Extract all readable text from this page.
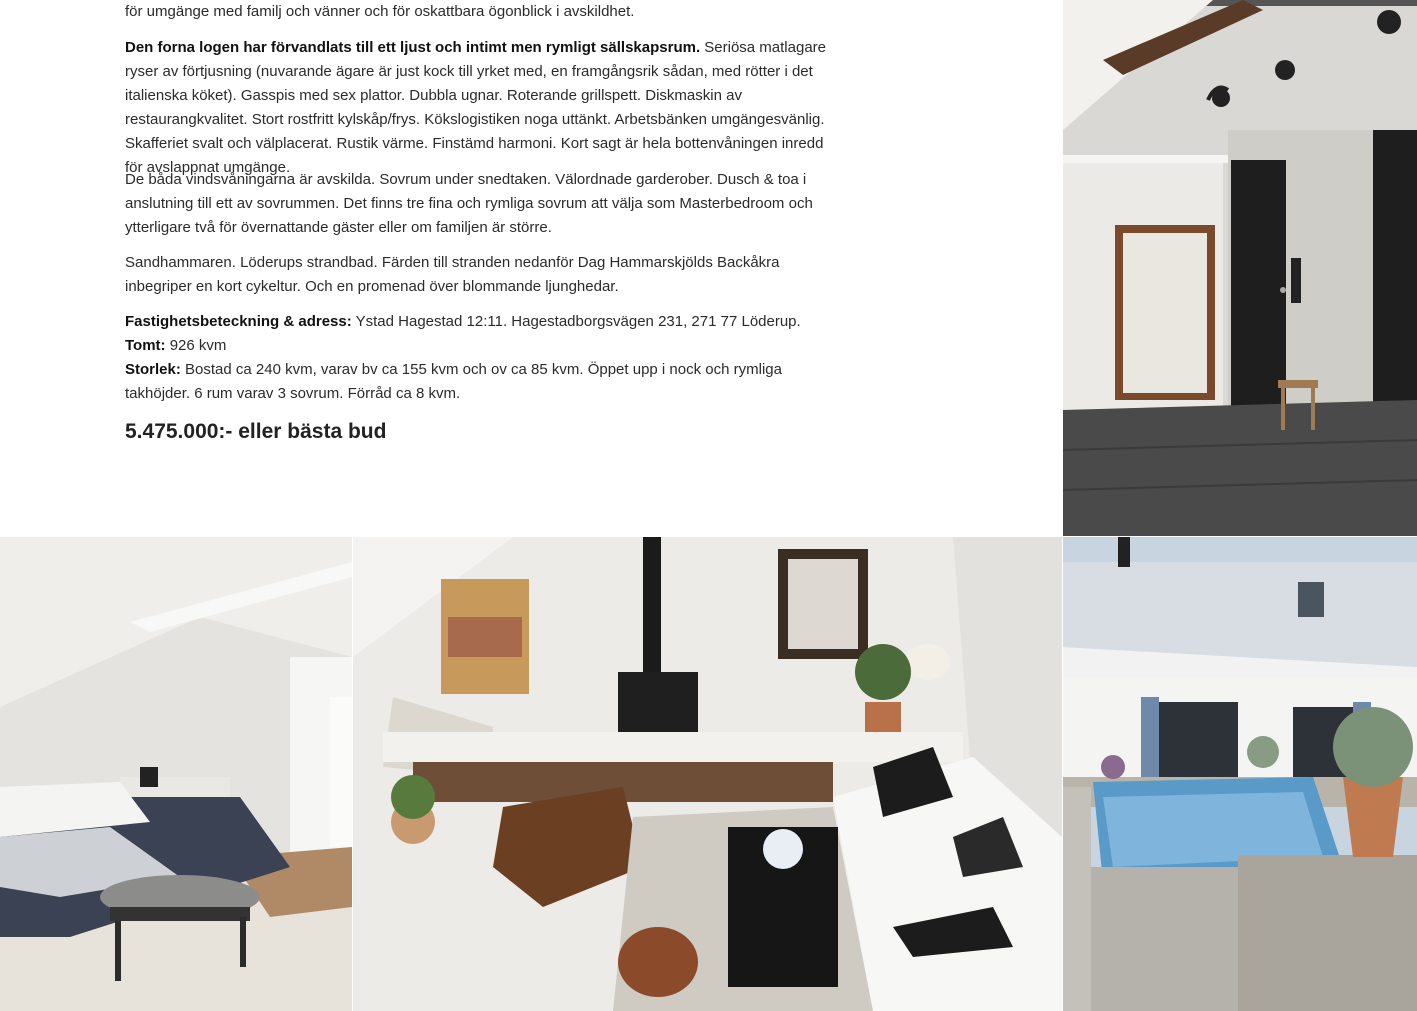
för umgänge med familj och vänner och för oskattbara ögonblick i avskildhet.

Den forna logen har förvandlats till ett ljust och intimt men rymligt sällskapsrum. Seriösa matlagare ryser av förtjusning (nuvarande ägare är just kock till yrket med, en framgångsrik sådan, med rötter i det italienska köket). Gasspis med sex plattor. Dubbla ugnar. Roterande grillspett. Diskmaskin av restaurangkvalitet. Stort rostfritt kylskåp/frys. Kökslogistiken noga uttänkt. Arbetsbänken umgängesvänlig. Skafferiet svalt och välplacerat. Rustik värme. Finstämd harmoni. Kort sagt är hela bottenvåningen inredd för avslappnat umgänge.

De båda vindsvåningarna är avskilda. Sovrum under snedtaken. Välordnade garderober. Dusch & toa i anslutning till ett av sovrummen. Det finns tre fina och rymliga sovrum att välja som Masterbedroom och ytterligare två för övernattande gäster eller om familjen är större.

Sandhammaren. Löderups strandbad. Färden till stranden nedanför Dag Hammarskjölds Backåkra inbegriper en kort cykeltur. Och en promenad över blommande ljunghedar.

Fastighetsbeteckning & adress: Ystad Hagestad 12:11. Hagestadborgsvägen 231, 271 77 Löderup.
Tomt: 926 kvm
Storlek: Bostad ca 240 kvm, varav bv ca 155 kvm och ov ca 85 kvm. Öppet upp i nock och rymliga takhöjder. 6 rum varav 3 sovrum. Förråd ca 8 kvm.
5.475.000:- eller bästa bud
